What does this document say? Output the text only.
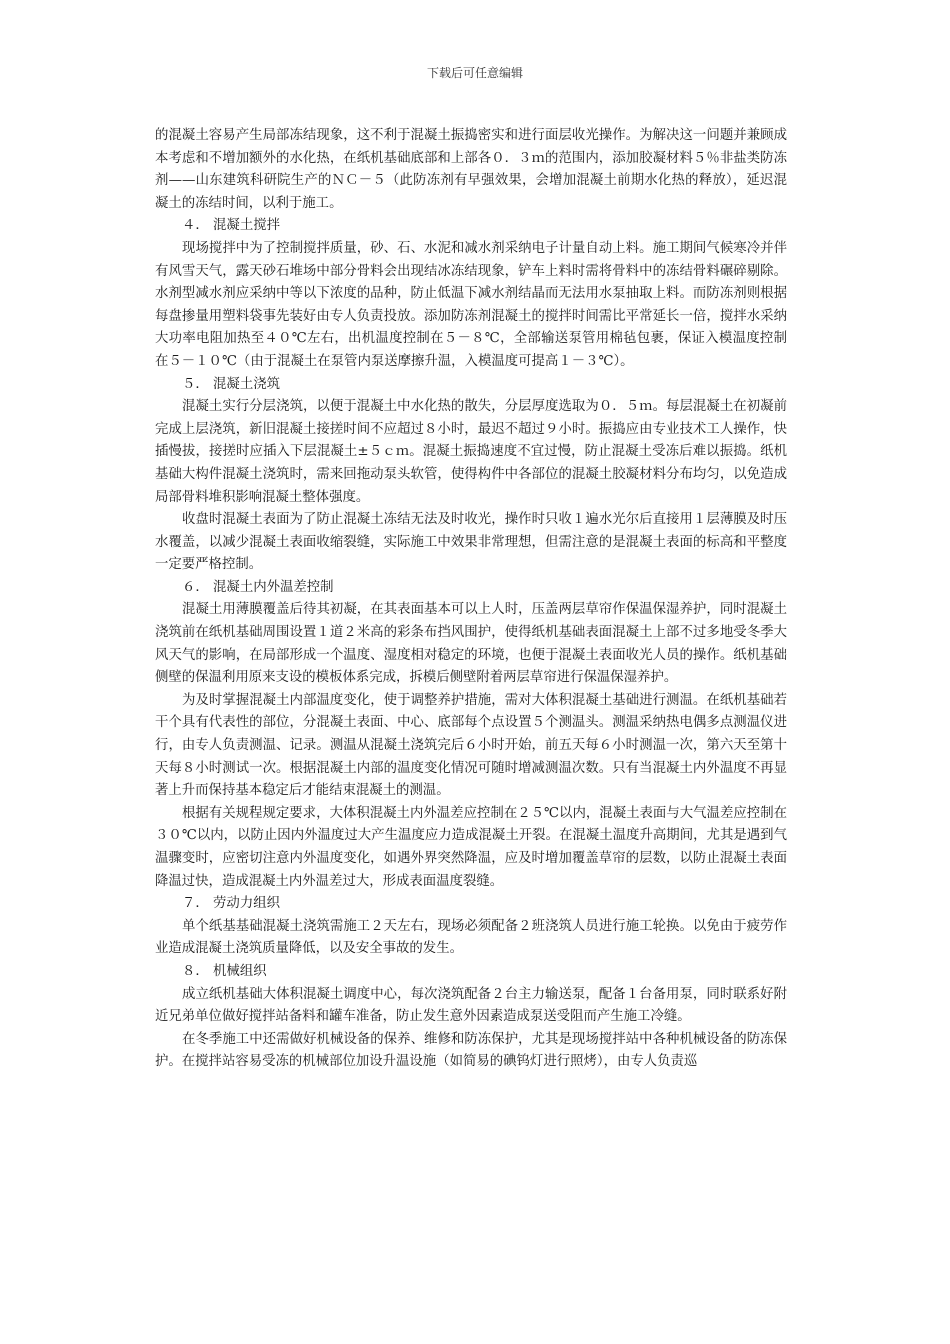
下载后可任意编辑

的混凝土容易产生局部冻结现象，这不利于混凝土振捣密实和进行面层收光操作。为解决这一问题并兼顾成本考虑和不增加额外的水化热，在纸机基础底部和上部各０．３ｍ的范围内，添加胶凝材料５％非盐类防冻剂——山东建筑科研院生产的ＮＣ－５（此防冻剂有早强效果，会增加混凝土前期水化热的释放），延迟混凝土的冻结时间，以利于施工。

４． 混凝土搅拌

现场搅拌中为了控制搅拌质量，砂、石、水泥和减水剂采纳电子计量自动上料。施工期间气候寒冷并伴有风雪天气，露天砂石堆场中部分骨料会出现结冰冻结现象，铲车上料时需将骨料中的冻结骨料碾碎剔除。水剂型减水剂应采纳中等以下浓度的品种，防止低温下减水剂结晶而无法用水泵抽取上料。而防冻剂则根据每盘掺量用塑料袋事先装好由专人负责投放。添加防冻剂混凝土的搅拌时间需比平常延长一倍，搅拌水采纳大功率电阻加热至４０℃左右，出机温度控制在５－８℃，全部输送泵管用棉毡包裹，保证入模温度控制在５－１０℃（由于混凝土在泵管内泵送摩擦升温，入模温度可提高１－３℃）。

５． 混凝土浇筑

混凝土实行分层浇筑，以便于混凝土中水化热的散失，分层厚度选取为０．５ｍ。每层混凝土在初凝前完成上层浇筑，新旧混凝土接搓时间不应超过８小时，最迟不超过９小时。振捣应由专业技术工人操作，快插慢拔，接搓时应插入下层混凝土±５ｃｍ。混凝土振捣速度不宜过慢，防止混凝土受冻后难以振捣。纸机基础大构件混凝土浇筑时，需来回拖动泵头软管，使得构件中各部位的混凝土胶凝材料分布均匀，以免造成局部骨料堆积影响混凝土整体强度。

收盘时混凝土表面为了防止混凝土冻结无法及时收光，操作时只收１遍水光尔后直接用１层薄膜及时压水覆盖，以减少混凝土表面收缩裂缝，实际施工中效果非常理想，但需注意的是混凝土表面的标高和平整度一定要严格控制。

６． 混凝土内外温差控制

混凝土用薄膜覆盖后待其初凝，在其表面基本可以上人时，压盖两层草帘作保温保湿养护，同时混凝土浇筑前在纸机基础周围设置１道２米高的彩条布挡风围护，使得纸机基础表面混凝土上部不过多地受冬季大风天气的影响，在局部形成一个温度、湿度相对稳定的环境，也便于混凝土表面收光人员的操作。纸机基础侧壁的保温利用原来支设的模板体系完成，拆模后侧壁附着两层草帘进行保温保湿养护。

为及时掌握混凝土内部温度变化，使于调整养护措施，需对大体积混凝土基础进行测温。在纸机基础若干个具有代表性的部位，分混凝土表面、中心、底部每个点设置５个测温头。测温采纳热电偶多点测温仪进行，由专人负责测温、记录。测温从混凝土浇筑完后６小时开始，前五天每６小时测温一次，第六天至第十天每８小时测试一次。根据混凝土内部的温度变化情况可随时增减测温次数。只有当混凝土内外温度不再显著上升而保持基本稳定后才能结束混凝土的测温。

根据有关规程规定要求，大体积混凝土内外温差应控制在２５℃以内，混凝土表面与大气温差应控制在３０℃以内，以防止因内外温度过大产生温度应力造成混凝土开裂。在混凝土温度升高期间，尤其是遇到气温骤变时，应密切注意内外温度变化，如遇外界突然降温，应及时增加覆盖草帘的层数，以防止混凝土表面降温过快，造成混凝土内外温差过大，形成表面温度裂缝。

７． 劳动力组织

单个纸基基础混凝土浇筑需施工２天左右，现场必须配备２班浇筑人员进行施工轮换。以免由于疲劳作业造成混凝土浇筑质量降低，以及安全事故的发生。

８． 机械组织

成立纸机基础大体积混凝土调度中心，每次浇筑配备２台主力输送泵，配备１台备用泵，同时联系好附近兄弟单位做好搅拌站备料和罐车准备，防止发生意外因素造成泵送受阻而产生施工冷缝。

在冬季施工中还需做好机械设备的保养、维修和防冻保护，尤其是现场搅拌站中各种机械设备的防冻保护。在搅拌站容易受冻的机械部位加设升温设施（如简易的碘钨灯进行照烤），由专人负责巡
